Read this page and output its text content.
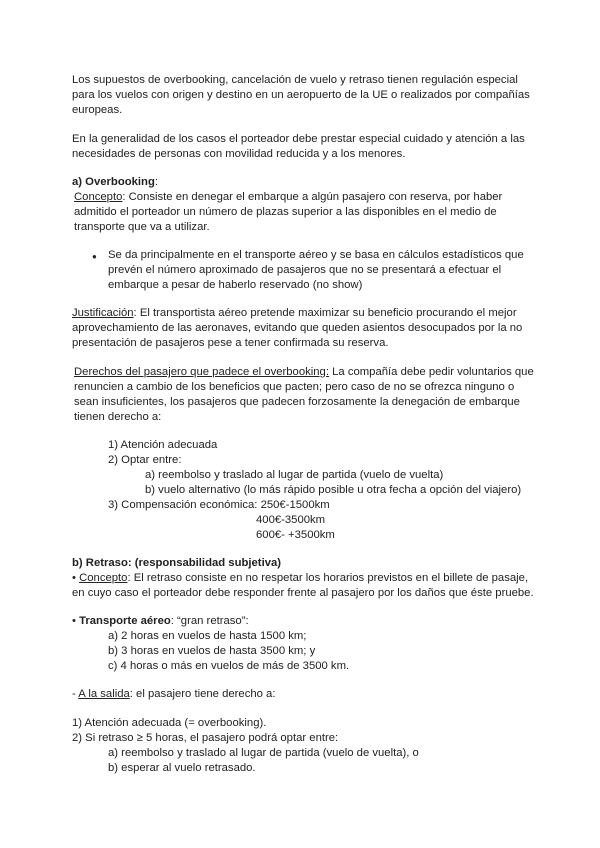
Los supuestos de overbooking, cancelación de vuelo y retraso tienen regulación especial para los vuelos con origen y destino en un aeropuerto de la UE o realizados por compañías europeas.

En la generalidad de los casos el porteador debe prestar especial cuidado y atención a las necesidades de personas con movilidad reducida y a los menores.

a) Overbooking:

Concepto: Consiste en denegar el embarque a algún pasajero con reserva, por haber admitido el porteador un número de plazas superior a las disponibles en el medio de transporte que va a utilizar.

● Se da principalmente en el transporte aéreo y se basa en cálculos estadísticos que prevén el número aproximado de pasajeros que no se presentará a efectuar el embarque a pesar de haberlo reservado (no show)

Justificación: El transportista aéreo pretende maximizar su beneficio procurando el mejor aprovechamiento de las aeronaves, evitando que queden asientos desocupados por la no presentación de pasajeros pese a tener confirmada su reserva.

Derechos del pasajero que padece el overbooking: La compañía debe pedir voluntarios que renuncien a cambio de los beneficios que pacten; pero caso de no se ofrezca ninguno o sean insuficientes, los pasajeros que padecen forzosamente la denegación de embarque tienen derecho a:

1) Atención adecuada

2) Optar entre:

a) reembolso y traslado al lugar de partida (vuelo de vuelta)

b) vuelo alternativo (lo más rápido posible u otra fecha a opción del viajero)

3) Compensación económica: 250€-1500km

400€-3500km

600€- +3500km

b) Retraso: (responsabilidad subjetiva)

• Concepto: El retraso consiste en no respetar los horarios previstos en el billete de pasaje, en cuyo caso el porteador debe responder frente al pasajero por los daños que éste pruebe.

• Transporte aéreo: “gran retraso”:

a) 2 horas en vuelos de hasta 1500 km;

b) 3 horas en vuelos de hasta 3500 km; y

c) 4 horas o más en vuelos de más de 3500 km.

- A la salida: el pasajero tiene derecho a:

1) Atención adecuada (= overbooking).

2) Si retraso ≥ 5 horas, el pasajero podrá optar entre:

a) reembolso y traslado al lugar de partida (vuelo de vuelta), o

b) esperar al vuelo retrasado.
